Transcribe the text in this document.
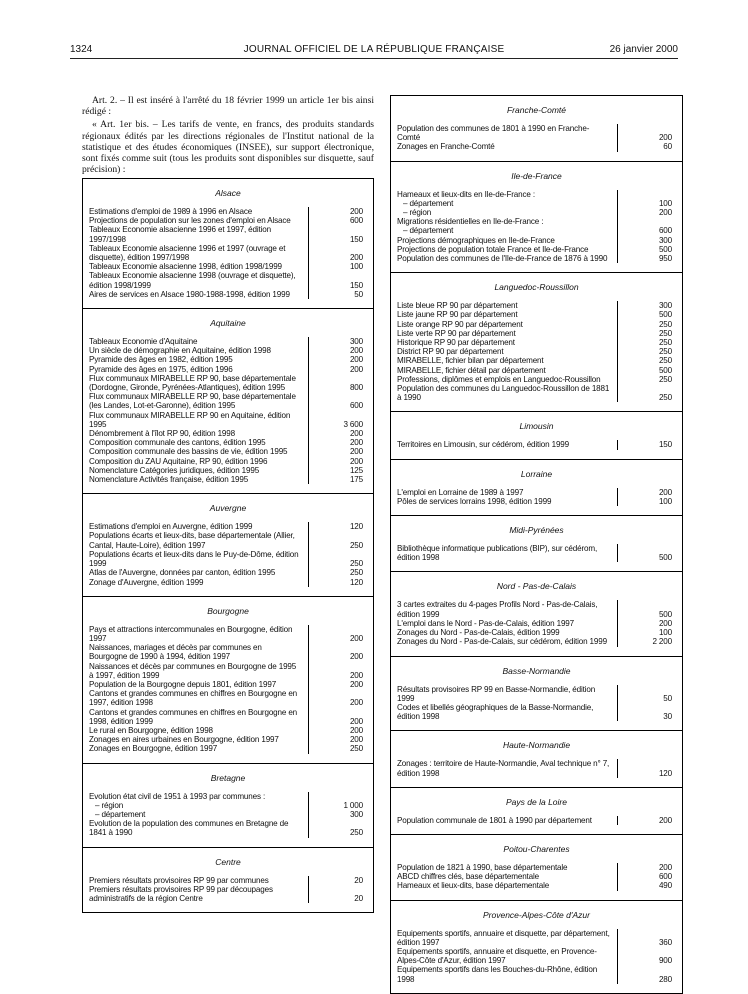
1324	JOURNAL OFFICIEL DE LA RÉPUBLIQUE FRANÇAISE	26 janvier 2000

Art. 2. – Il est inséré à l'arrêté du 18 février 1999 un article 1er bis ainsi rédigé :

« Art. 1er bis. – Les tarifs de vente, en francs, des produits standards régionaux édités par les directions régionales de l'Institut national de la statistique et des études économiques (INSEE), sur support électronique, sont fixés comme suit (tous les produits sont disponibles sur disquette, sauf précision) :

Alsace
Estimations d'emploi de 1989 à 1996 en Alsace	200
Projections de population sur les zones d'emploi en Alsace	600
Tableaux Economie alsacienne 1996 et 1997, édition 1997/1998	150
Tableaux Economie alsacienne 1996 et 1997 (ouvrage et disquette), édition 1997/1998	200
Tableaux Economie alsacienne 1998, édition 1998/1999	100
Tableaux Economie alsacienne 1998 (ouvrage et disquette), édition 1998/1999	150
Aires de services en Alsace 1980-1988-1998, édition 1999	50
Aquitaine
Tableaux Economie d'Aquitaine	300
Un siècle de démographie en Aquitaine, édition 1998	200
Pyramide des âges en 1982, édition 1995	200
Pyramide des âges en 1975, édition 1996	200
Flux communaux MIRABELLE RP 90, base départementale (Dordogne, Gironde, Pyrénées-Atlantiques), édition 1995	800
Flux communaux MIRABELLE RP 90, base départementale (les Landes, Lot-et-Garonne), édition 1995	600
Flux communaux MIRABELLE RP 90 en Aquitaine, édition 1995	3 600
Dénombrement à l'îlot RP 90, édition 1998	200
Composition communale des cantons, édition 1995	200
Composition communale des bassins de vie, édition 1995	200
Composition du ZAU Aquitaine, RP 90, édition 1996	200
Nomenclature Catégories juridiques, édition 1995	125
Nomenclature Activités française, édition 1995	175
Auvergne
Estimations d'emploi en Auvergne, édition 1999	120
Populations écarts et lieux-dits, base départementale (Allier, Cantal, Haute-Loire), édition 1997	250
Populations écarts et lieux-dits dans le Puy-de-Dôme, édition 1999	250
Atlas de l'Auvergne, données par canton, édition 1995	250
Zonage d'Auvergne, édition 1999	120
Bourgogne
Pays et attractions intercommunales en Bourgogne, édition 1997	200
Naissances, mariages et décès par communes en Bourgogne de 1990 à 1994, édition 1997	200
Naissances et décès par communes en Bourgogne de 1995 à 1997, édition 1999	200
Population de la Bourgogne depuis 1801, édition 1997	200
Cantons et grandes communes en chiffres en Bourgogne en 1997, édition 1998	200
Cantons et grandes communes en chiffres en Bourgogne en 1998, édition 1999	200
Le rural en Bourgogne, édition 1998	200
Zonages en aires urbaines en Bourgogne, édition 1997	200
Zonages en Bourgogne, édition 1997	250
Bretagne
Evolution état civil de 1951 à 1993 par communes :
– région	1 000
– département	300
Evolution de la population des communes en Bretagne de 1841 à 1990	250
Centre
Premiers résultats provisoires RP 99 par communes	20
Premiers résultats provisoires RP 99 par découpages administratifs de la région Centre	20
Franche-Comté
Population des communes de 1801 à 1990 en Franche-Comté	200
Zonages en Franche-Comté	60
Ile-de-France
Hameaux et lieux-dits en Ile-de-France :
– département	100
– région	200
Migrations résidentielles en Ile-de-France :
– département	600
Projections démographiques en Ile-de-France	300
Projections de population totale France et Ile-de-France	500
Population des communes de l'Ile-de-France de 1876 à 1990	950
Languedoc-Roussillon
Liste bleue RP 90 par département	300
Liste jaune RP 90 par département	500
Liste orange RP 90 par département	250
Liste verte RP 90 par département	250
Historique RP 90 par département	250
District RP 90 par département	250
MIRABELLE, fichier bilan par département	250
MIRABELLE, fichier détail par département	500
Professions, diplômes et emplois en Languedoc-Roussillon	250
Population des communes du Languedoc-Roussillon de 1881 à 1990	250
Limousin
Territoires en Limousin, sur cédérom, édition 1999	150
Lorraine
L'emploi en Lorraine de 1989 à 1997	200
Pôles de services lorrains 1998, édition 1999	100
Midi-Pyrénées
Bibliothèque informatique publications (BIP), sur cédérom, édition 1998	500
Nord - Pas-de-Calais
3 cartes extraites du 4-pages Profils Nord - Pas-de-Calais, édition 1999	500
L'emploi dans le Nord - Pas-de-Calais, édition 1997	200
Zonages du Nord - Pas-de-Calais, édition 1999	100
Zonages du Nord - Pas-de-Calais, sur cédérom, édition 1999	2 200
Basse-Normandie
Résultats provisoires RP 99 en Basse-Normandie, édition 1999	50
Codes et libellés géographiques de la Basse-Normandie, édition 1998	30
Haute-Normandie
Zonages : territoire de Haute-Normandie, Aval technique n° 7, édition 1998	120
Pays de la Loire
Population communale de 1801 à 1990 par département	200
Poitou-Charentes
Population de 1821 à 1990, base départementale	200
ABCD chiffres clés, base départementale	600
Hameaux et lieux-dits, base départementale	490
Provence-Alpes-Côte d'Azur
Equipements sportifs, annuaire et disquette, par département, édition 1997	360
Equipements sportifs, annuaire et disquette, en Provence-Alpes-Côte d'Azur, édition 1997	900
Equipements sportifs dans les Bouches-du-Rhône, édition 1998	280
